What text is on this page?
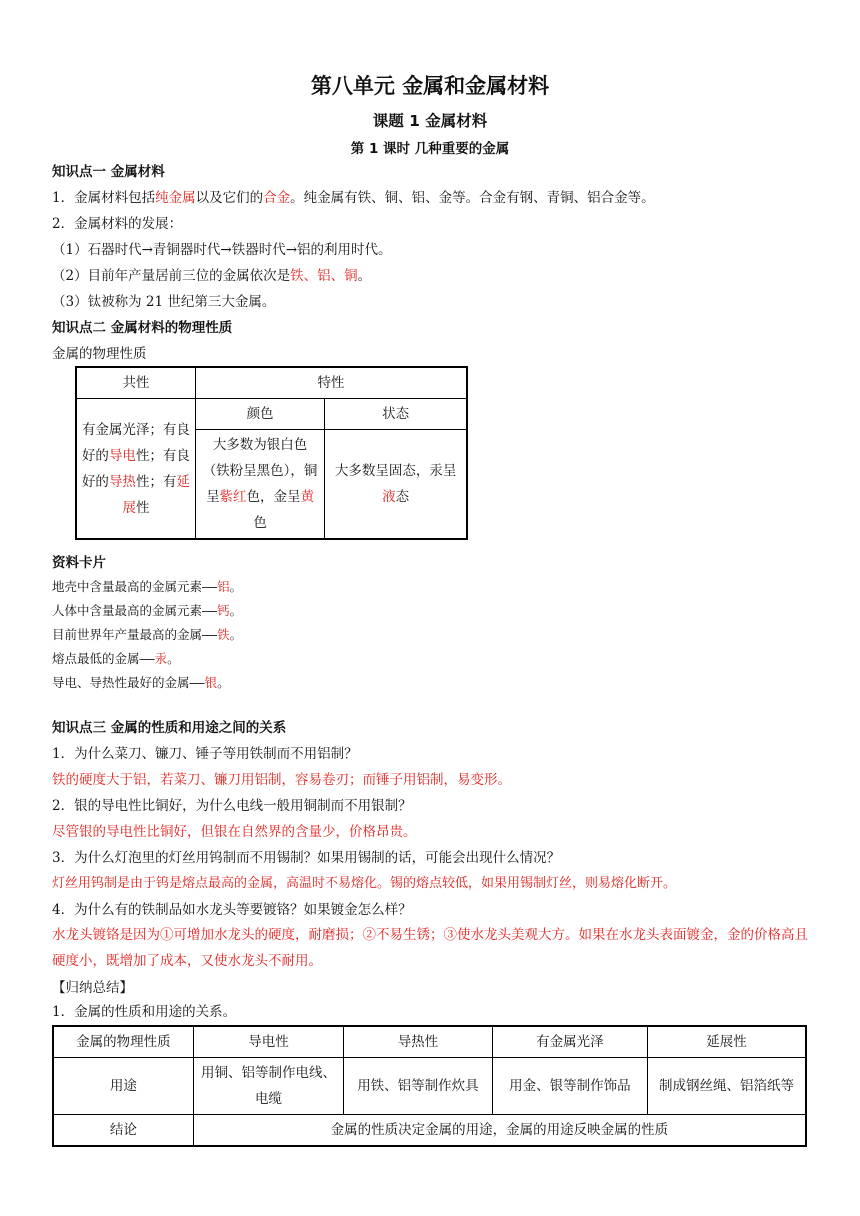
第八单元 金属和金属材料
课题 1 金属材料
第 1 课时 几种重要的金属
知识点一 金属材料
1．金属材料包括纯金属以及它们的合金。纯金属有铁、铜、铝、金等。合金有钢、青铜、铝合金等。
2．金属材料的发展：
（1）石器时代→青铜器时代→铁器时代→铝的利用时代。
（2）目前年产量居前三位的金属依次是铁、铝、铜。
（3）钛被称为 21 世纪第三大金属。
知识点二 金属材料的物理性质
金属的物理性质
共性	特性	
有金属光泽；有良好的导电性；有良好的导热性；有延展性	颜色	状态
	大多数为银白色（铁粉呈黑色），铜呈紫红色，金呈黄色	大多数呈固态，汞呈液态
资料卡片
地壳中含量最高的金属元素——铝。
人体中含量最高的金属元素——钙。
目前世界年产量最高的金属——铁。
熔点最低的金属——汞。
导电、导热性最好的金属——银。
知识点三 金属的性质和用途之间的关系
1．为什么菜刀、镰刀、锤子等用铁制而不用铝制？
铁的硬度大于铝，若菜刀、镰刀用铝制，容易卷刃；而锤子用铝制，易变形。
2．银的导电性比铜好，为什么电线一般用铜制而不用银制？
尽管银的导电性比铜好，但银在自然界的含量少，价格昂贵。
3．为什么灯泡里的灯丝用钨制而不用锡制？如果用锡制的话，可能会出现什么情况？
灯丝用钨制是由于钨是熔点最高的金属，高温时不易熔化。锡的熔点较低，如果用锡制灯丝，则易熔化断开。
4．为什么有的铁制品如水龙头等要镀铬？如果镀金怎么样？
水龙头镀铬是因为①可增加水龙头的硬度，耐磨损；②不易生锈；③使水龙头美观大方。如果在水龙头表面镀金，金的价格高且硬度小，既增加了成本，又使水龙头不耐用。
【归纳总结】
1．金属的性质和用途的关系。
金属的物理性质	导电性	导热性	有金属光泽	延展性
用途	用铜、铝等制作电线、电缆	用铁、铝等制作炊具	用金、银等制作饰品	制成钢丝绳、铝箔纸等
结论	金属的性质决定金属的用途，金属的用途反映金属的性质			
